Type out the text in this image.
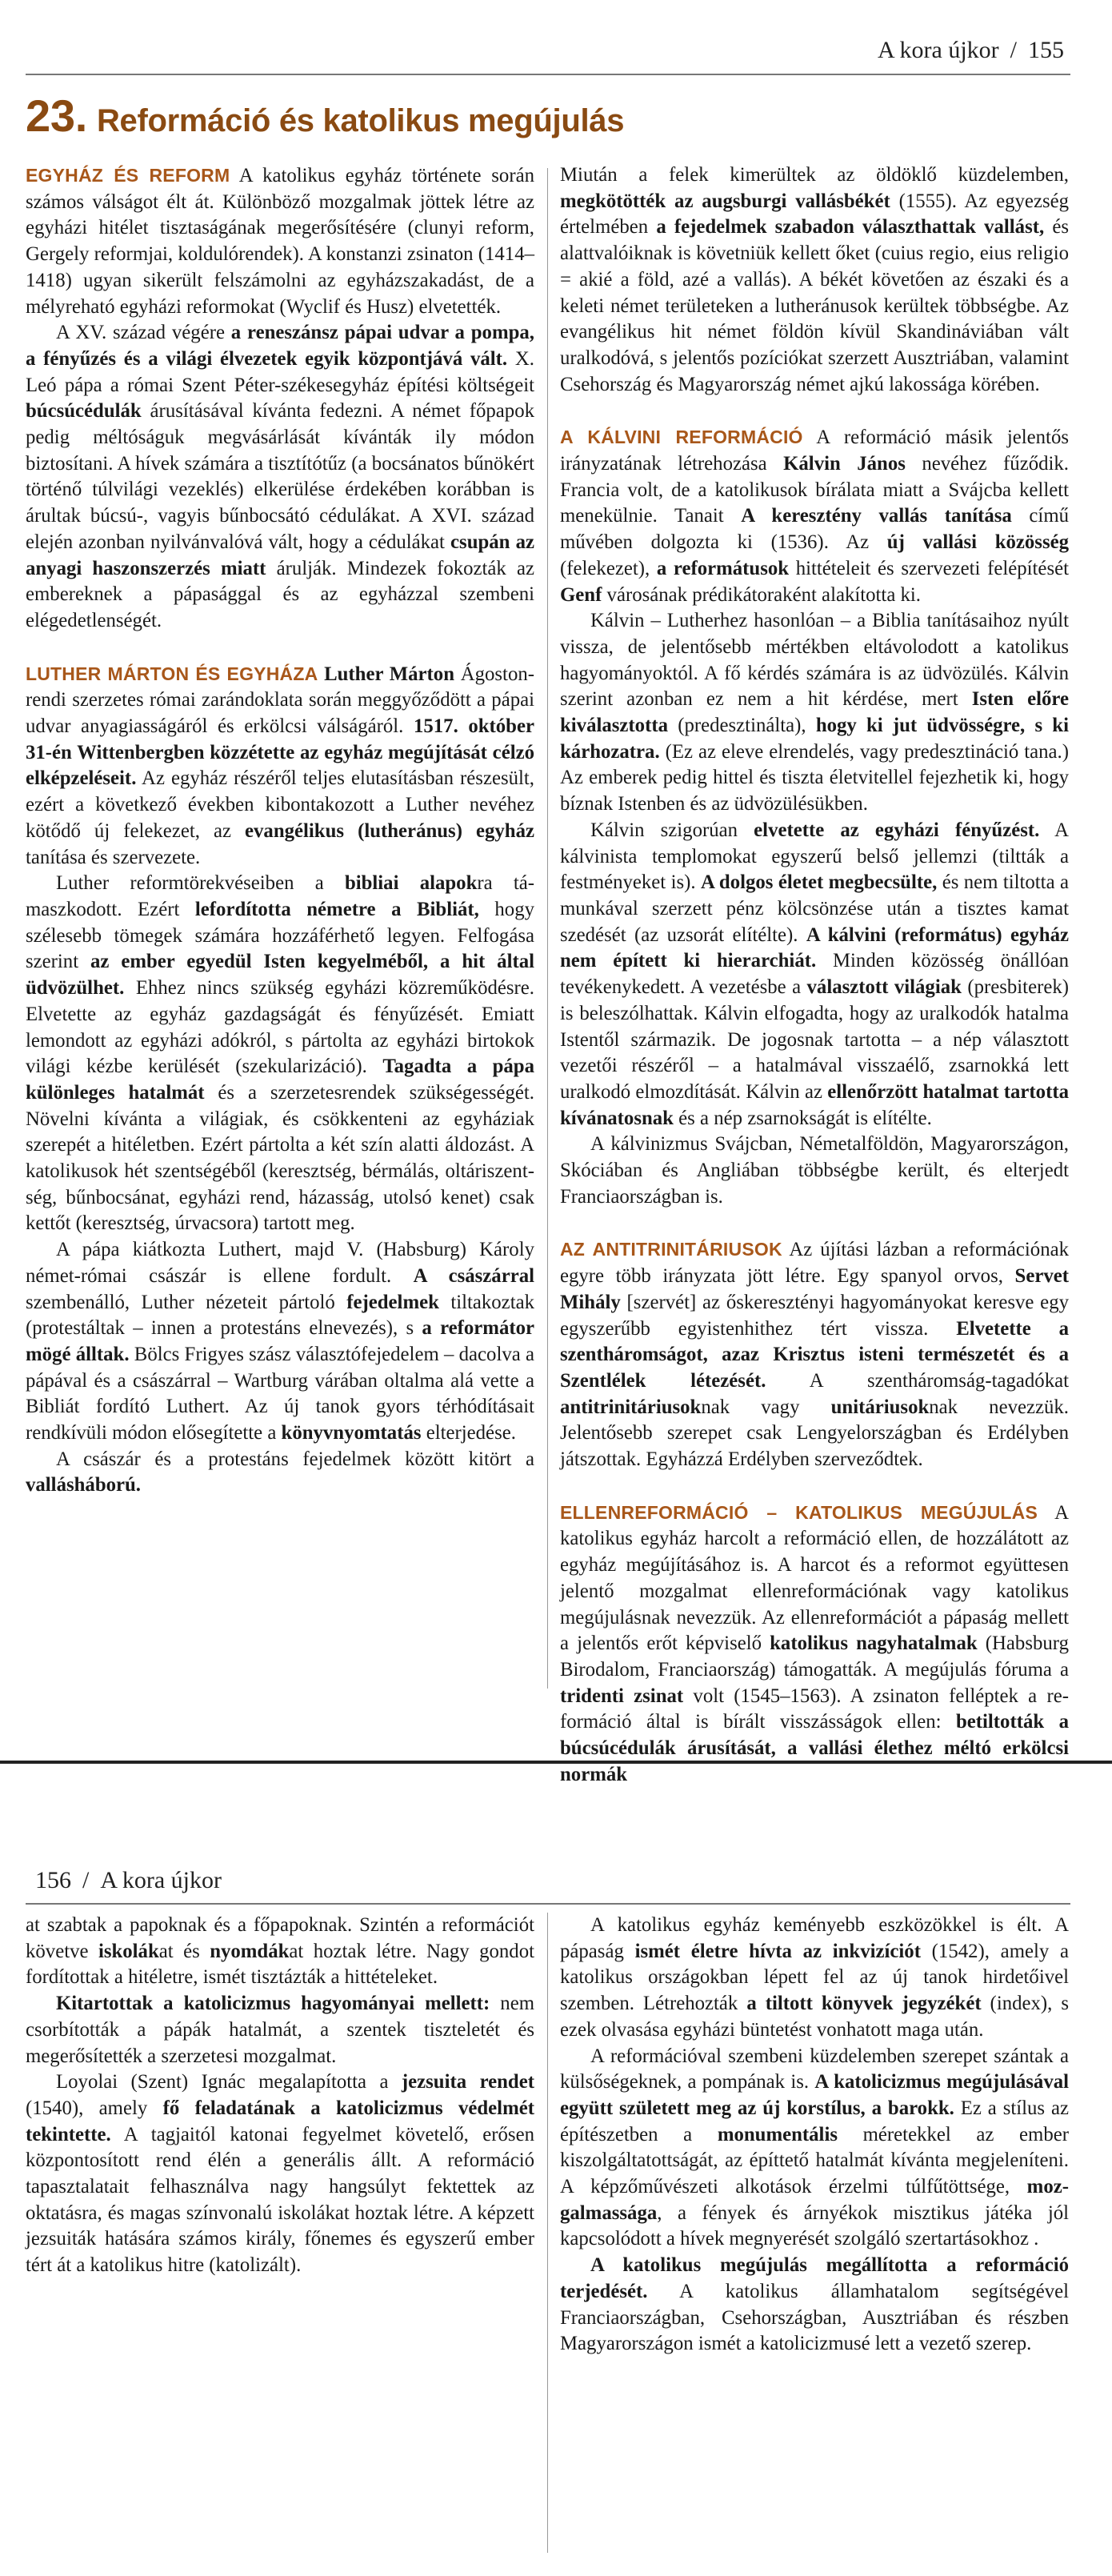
A kora újkor / 155
23. Reformáció és katolikus megújulás

EGYHÁZ ÉS REFORM A katolikus egyház története során számos válságot élt át. Különböző mozgalmak jöttek létre az egyházi hitélet tisztaságának megerősítésére (clunyi reform, Gergely reformjai, koldulórendek). A konstanzi zsinaton (1414–1418) ugyan sikerült felszámolni az egyházszakadást, de a mélyreható egyházi reformokat (Wyclif és Husz) elvetették.

A XV. század végére a reneszánsz pápai udvar a pompa, a fényűzés és a világi élvezetek egyik központjává vált. X. Leó pápa a római Szent Péter-székesegyház építési költségeit búcsúcédulák árusításával kívánta fedezni. A német főpapok pedig méltóságuk megvásárlását kívánták ily módon biztosítani. A hívek számára a tisztítótűz (a bocsánatos bűnökért történő túlvilági vezeklés) elkerülése érdekében korábban is árultak búcsú-, vagyis bűnbocsátó cédulákat. A XVI. század elején azonban nyilvánvalóvá vált, hogy a cédulákat csupán az anyagi haszonszerzés miatt árulják. Mindezek fokozták az embereknek a pápasággal és az egyházzal szembeni elégedetlenségét.

LUTHER MÁRTON ÉS EGYHÁZA Luther Márton Ágoston-rendi szerzetes római zarándoklata során meggyőződött a pápai udvar anyagiasságáról és erkölcsi válságáról. 1517. október 31-én Wittenbergben közzétette az egyház megújítását célzó elképzeléseit. Az egyház részéről teljes elutasításban részesült, ezért a következő években kibontakozott a Luther nevéhez kötődő új felekezet, az evangélikus (lutheránus) egyház tanítása és szervezete.

Luther reformtörekvéseiben a bibliai alapokra támaszkodott. Ezért lefordította németre a Bibliát, hogy szélesebb tömegek számára hozzáférhető legyen. Felfogása szerint az ember egyedül Isten kegyelméből, a hit által üdvözülhet. Ehhez nincs szükség egyházi közreműködésre. Elvetette az egyház gazdagságát és fényűzését. Emiatt lemondott az egyházi adókról, s pártolta az egyházi birtokok világi kézbe kerülését (szekularizáció). Tagadta a pápa különleges hatalmát és a szerzetesrendek szükségességét. Növelni kívánta a világiak, és csökkenteni az egyháziak szerepét a hitéletben. Ezért pártolta a két szín alatti áldozást. A katolikusok hét szentségéből (keresztség, bérmálás, oltáriszentség, bűnbocsánat, egyházi rend, házasság, utolsó kenet) csak kettőt (keresztség, úrvacsora) tartott meg.

A pápa kiátkozta Luthert, majd V. (Habsburg) Károly német-római császár is ellene fordult. A császárral szembenálló, Luther nézeteit pártoló fejedelmek tiltakoztak (protestáltak – innen a protestáns elnevezés), s a reformátor mögé álltak. Bölcs Frigyes szász választófejedelem – dacolva a pápával és a császárral – Wartburg várában oltalma alá vette a Bibliát fordító Luthert. Az új tanok gyors térhódításait rendkívüli módon elősegítette a könyvnyomtatás elterjedése.

A császár és a protestáns fejedelmek között kitört a vallásháború.

Miután a felek kimerültek az öldöklő küzdelemben, megkötötték az augsburgi vallásbékét (1555). Az egyezség értelmében a fejedelmek szabadon választhattak vallást, és alattvalóiknak is követniük kellett őket (cuius regio, eius religio = akié a föld, azé a vallás). A békét követően az északi és a keleti német területeken a lutheránusok kerültek többségbe. Az evangélikus hit német földön kívül Skandináviában vált uralkodóvá, s jelentős pozíciókat szerzett Ausztriában, valamint Csehország és Magyarország német ajkú lakossága körében.

A KÁLVINI REFORMÁCIÓ A reformáció másik jelentős irányzatának létrehozása Kálvin János nevéhez fűződik. Francia volt, de a katolikusok bírálata miatt a Svájcba kellett menekülnie. Tanait A keresztény vallás tanítása című művében dolgozta ki (1536). Az új vallási közösség (felekezet), a reformátusok hittételeit és szervezeti felépítését Genf városának prédikátoraként alakította ki.

Kálvin – Lutherhez hasonlóan – a Biblia tanításaihoz nyúlt vissza, de jelentősebb mértékben eltávolodott a katolikus hagyományoktól. A fő kérdés számára is az üdvözülés. Kálvin szerint azonban ez nem a hit kérdése, mert Isten előre kiválasztotta (predesztinálta), hogy ki jut üdvösségre, s ki kárhozatra. (Ez az eleve elrendelés, vagy predesztináció tana.) Az emberek pedig hittel és tiszta életvitellel fejezhetik ki, hogy bíznak Istenben és az üdvözülésükben.

Kálvin szigorúan elvetette az egyházi fényűzést. A kálvinista templomokat egyszerű belső jellemzi (tiltták a festményeket is). A dolgos életet megbecsülte, és nem tiltotta a munkával szerzett pénz kölcsönzése után a tisztes kamat szedését (az uzsorát elítélte). A kálvini (református) egyház nem épített ki hierarchiát. Minden közösség önállóan tevékenykedett. A vezetésbe a választott világiak (presbiterek) is beleszólhattak. Kálvin elfogadta, hogy az uralkodók hatalma Istentől származik. De jogosnak tartotta – a nép választott vezetői részéről – a hatalmával visszaélő, zsarnokká lett uralkodó elmozdítását. Kálvin az ellenőrzött hatalmat tartotta kívánatosnak és a nép zsarnokságát is elítélte.

A kálvinizmus Svájcban, Németalföldön, Magyarországon, Skóciában és Angliában többségbe került, és elterjedt Franciaországban is.

AZ ANTITRINITÁRIUSOK Az újítási lázban a reformációnak egyre több irányzata jött létre. Egy spanyol orvos, Servet Mihály [szervét] az őskeresztényi hagyományokat keresve egy egyszerűbb egyistenhithez tért vissza. Elvetette a szentháromságot, azaz Krisztus isteni természetét és a Szentlélek létezését. A szentháromság-tagadókat antitrinitáriusoknak vagy unitáriusoknak nevezzük. Jelentősebb szerepet csak Lengyelországban és Erdélyben játszottak. Egyházzá Erdélyben szerveződtek.

ELLENREFORMÁCIÓ – KATOLIKUS MEGÚJULÁS A katolikus egyház harcolt a reformáció ellen, de hozzálátott az egyház megújításához is. A harcot és a reformot együttesen jelentő mozgalmat ellenreformációnak vagy katolikus megújulásnak nevezzük. Az ellenreformációt a pápaság mellett a jelentős erőt képviselő katolikus nagyhatalmak (Habsburg Birodalom, Franciaország) támogatták. A megújulás fóruma a tridenti zsinat volt (1545–1563). A zsinaton felléptek a reformáció által is bírált visszásságok ellen: betiltották a búcsúcédulák árusítását, a vallási élethez méltó erkölcsi normák

156 / A kora újkor

at szabtak a papoknak és a főpapoknak. Szintén a reformációt követve iskolákat és nyomdákat hoztak létre. Nagy gondot fordítottak a hitéletre, ismét tisztázták a hittételeket.

Kitartottak a katolicizmus hagyományai mellett: nem csorbították a pápák hatalmát, a szentek tiszteletét és megerősítették a szerzetesi mozgalmat.

Loyolai (Szent) Ignác megalapította a jezsuita rendet (1540), amely fő feladatának a katolicizmus védelmét tekintette. A tagjaitól katonai fegyelmet követelő, erősen központosított rend élén a generális állt. A reformáció tapasztalatait felhasználva nagy hangsúlyt fektettek az oktatásra, és magas színvonalú iskolákat hoztak létre. A képzett jezsuiták hatására számos király, főnemes és egyszerű ember tért át a katolikus hitre (katolizált).

A katolikus egyház keményebb eszközökkel is élt. A pápaság ismét életre hívta az inkvizíciót (1542), amely a katolikus országokban lépett fel az új tanok hirdetőivel szemben. Létrehozták a tiltott könyvek jegyzékét (index), s ezek olvasása egyházi büntetést vonhatott maga után.

A reformációval szembeni küzdelemben szerepet szántak a külsőségeknek, a pompának is. A katolicizmus megújulásával együtt született meg az új korstílus, a barokk. Ez a stílus az építészetben a monumentális méretekkel az ember kiszolgáltatottságát, az építtető hatalmát kívánta megjeleníteni. A képzőművészeti alkotások érzelmi túlfűtöttsége, mozgalmassága, a fények és árnyékok misztikus játéka jól kapcsolódott a hívek megnyerését szolgáló szertartásokhoz .

A katolikus megújulás megállította a reformáció terjedését. A katolikus államhatalom segítségével Franciaországban, Csehországban, Ausztriában és részben Magyarországon ismét a katolicizmusé lett a vezető szerep.
